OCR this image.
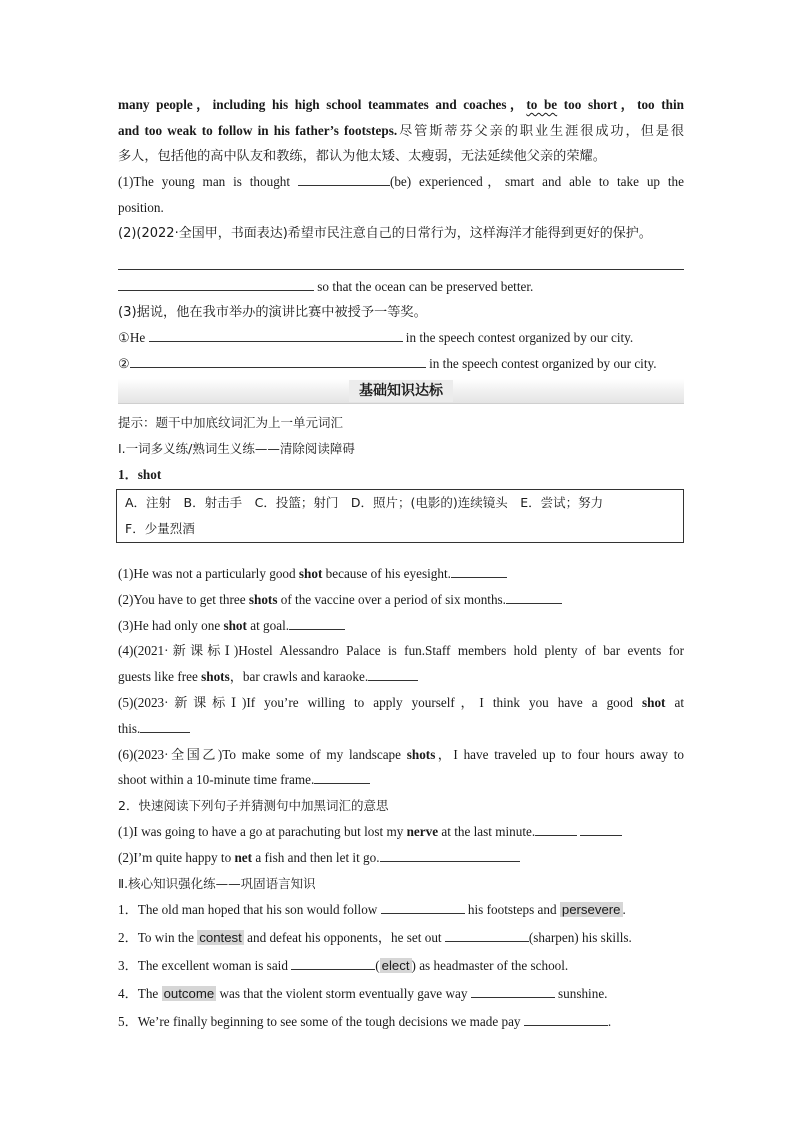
many people，including his high school teammates and coaches，to be too short，too thin
and too weak to follow in his father’s footsteps.尽管斯蒂芬父亲的职业生涯很成功，但是很
多人，包括他的高中队友和教练，都认为他太矮、太瘦弱，无法延续他父亲的荣耀。
(1)The young man is thought	(be) experienced，smart and able to take up the
position.
(2)(2022·全国甲，书面表达)希望市民注意自己的日常行为，这样海洋才能得到更好的保护。
so that the ocean can be preserved better.
(3)据说，他在我市举办的演讲比赛中被授予一等奖。
①He	in the speech contest organized by our city.
②	in the speech contest organized by our city.
基础知识达标
提示：题干中加底纹词汇为上一单元词汇
Ⅰ.一词多义练/熟词生义练——清除阅读障碍
1．shot
A．注射　B．射击手　C．投篮；射门　D．照片；(电影的)连续镜头　E．尝试；努力
F．少量烈酒
(1)He was not a particularly good shot because of his eyesight.
(2)You have to get three shots of the vaccine over a period of six months.
(3)He had only one shot at goal.
(4)(2021·新课标Ⅰ)Hostel Alessandro Palace is fun.Staff members hold plenty of bar events for
guests like free shots，bar crawls and karaoke.
(5)(2023·新课标Ⅰ)If you’re willing to apply yourself，I think you have a good shot at
this.
(6)(2023·全国乙)To make some of my landscape shots，I have traveled up to four hours away to
shoot within a 10-minute time frame.
2．快速阅读下列句子并猜测句中加黑词汇的意思
(1)I was going to have a go at parachuting but lost my nerve at the last minute.
(2)I’m quite happy to net a fish and then let it go.
Ⅱ.核心知识强化练——巩固语言知识
1．The old man hoped that his son would follow	his footsteps and persevere .
2．To win the contest and defeat his opponents，he set out	(sharpen) his skills.
3．The excellent woman is said	( elect ) as headmaster of the school.
4．The outcome was that the violent storm eventually gave way	sunshine.
5．We’re finally beginning to see some of the tough decisions we made pay	.
